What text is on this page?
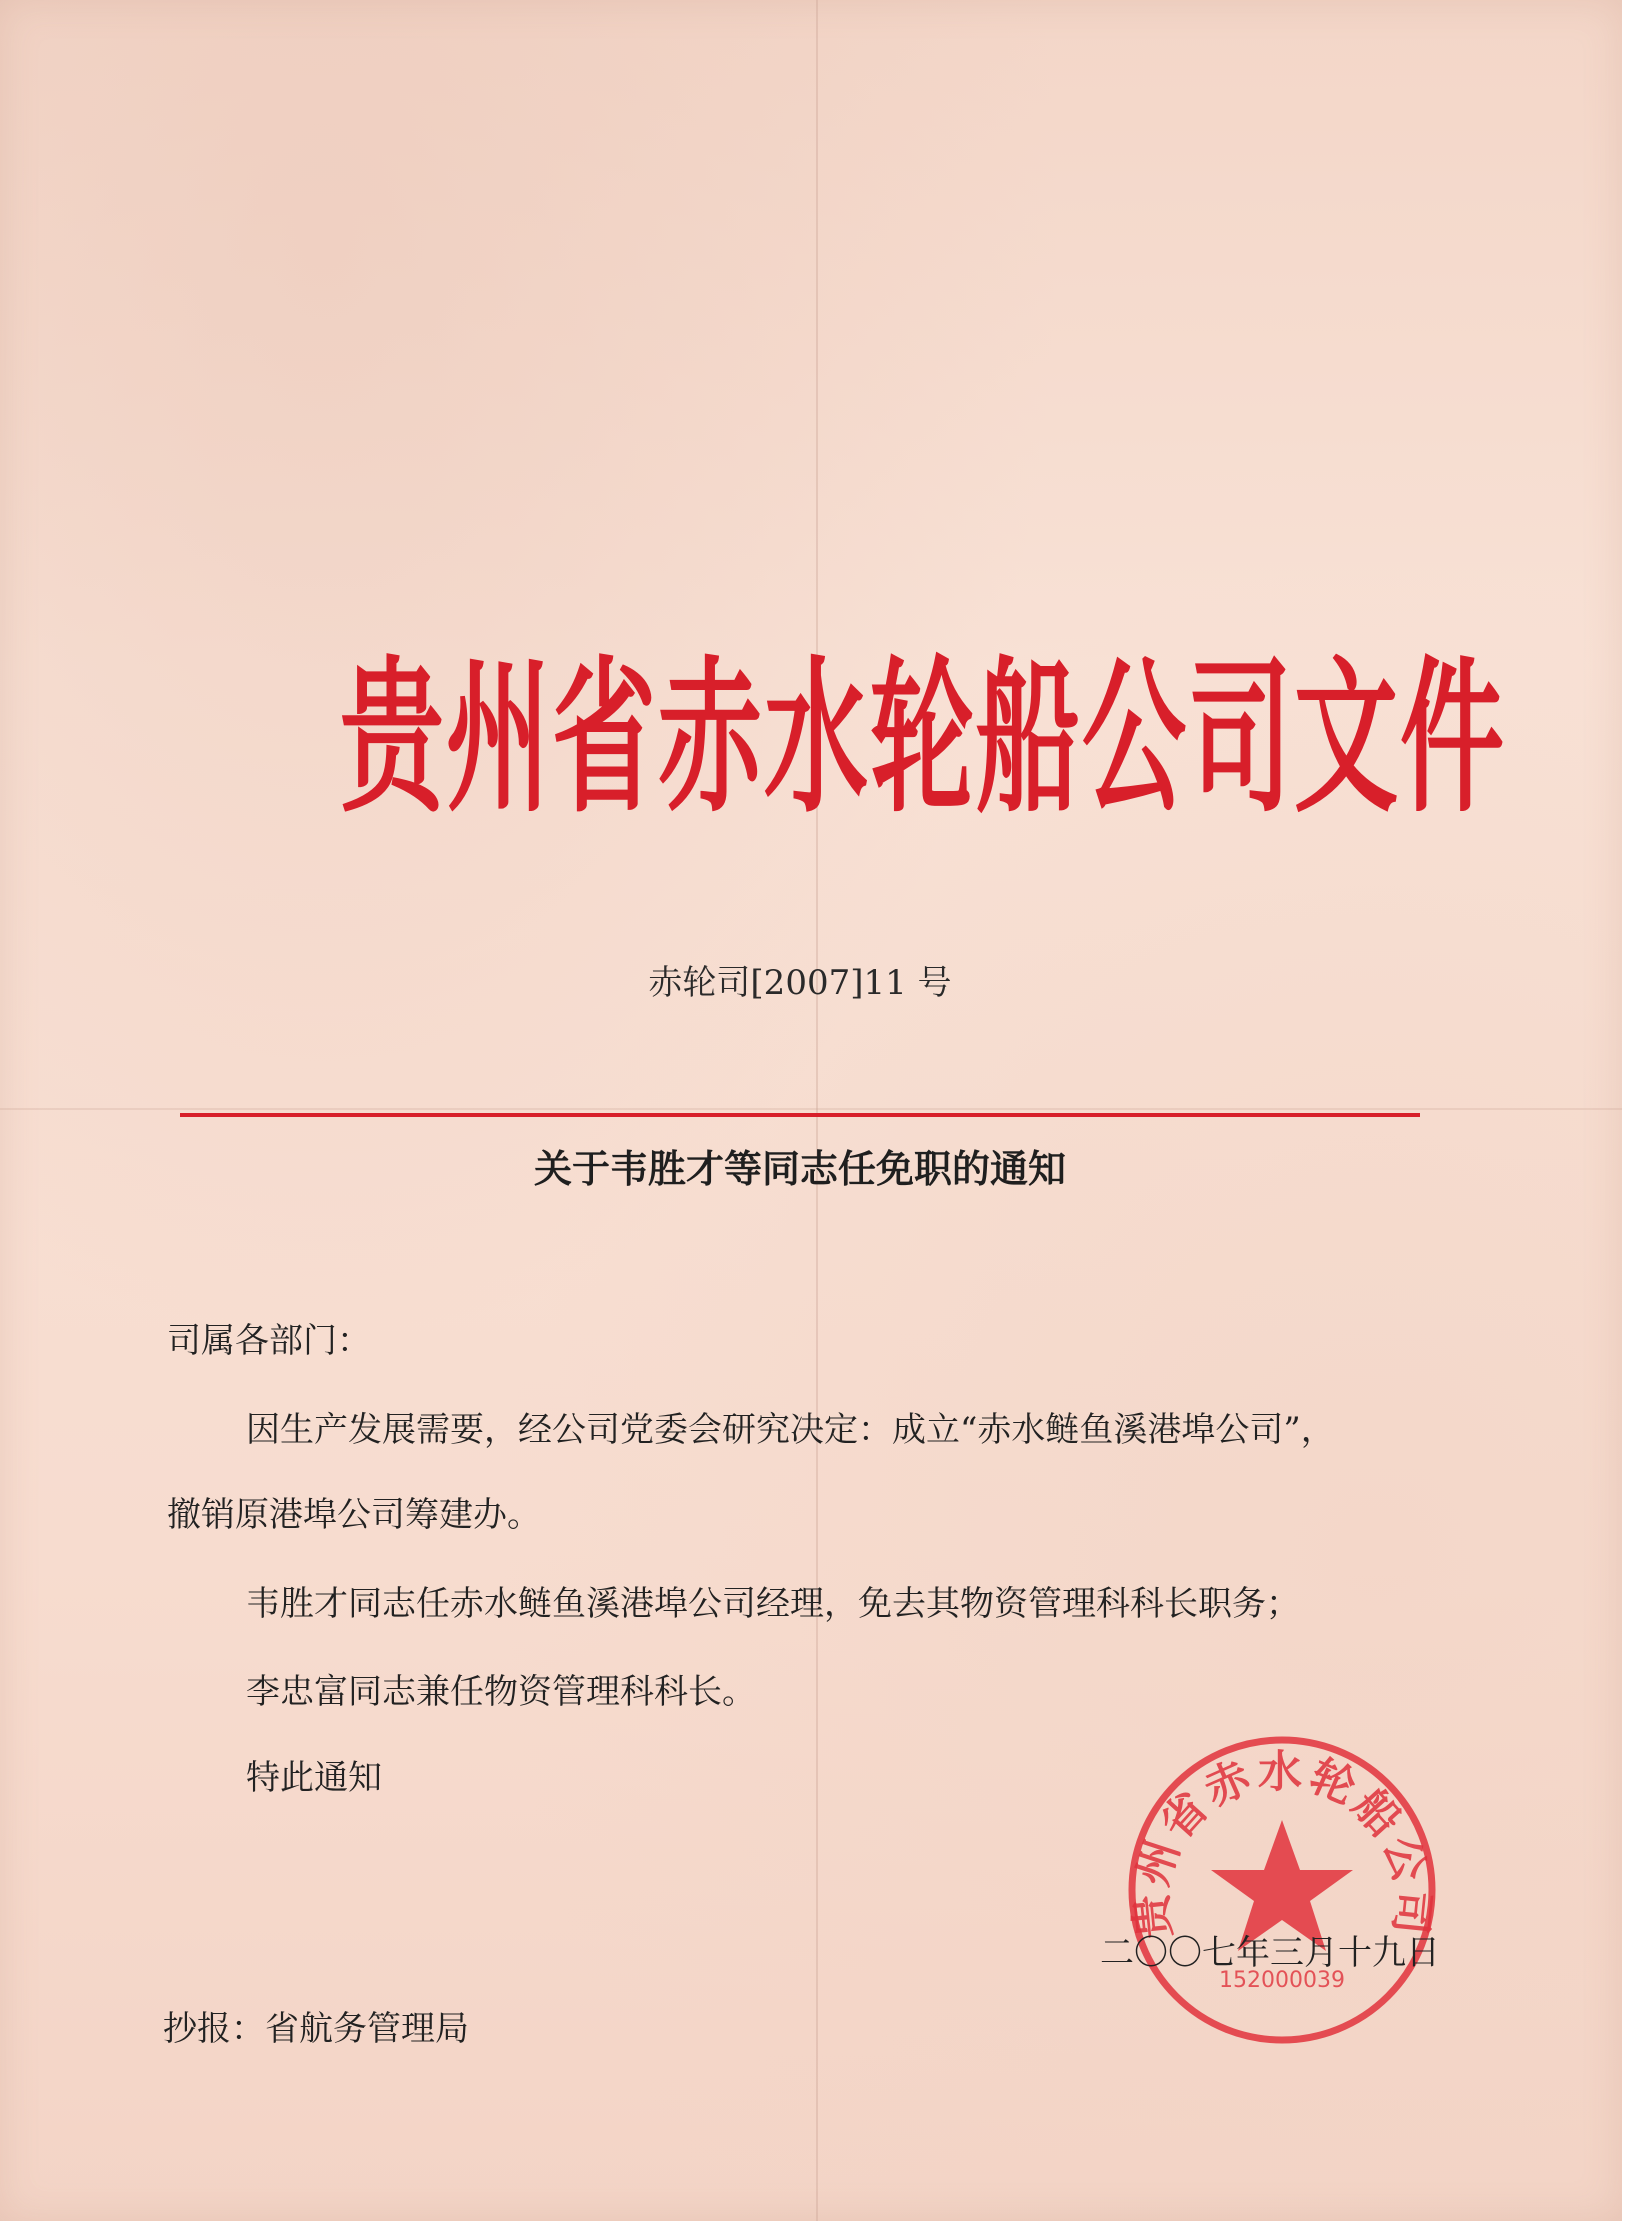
贵州省赤水轮船公司文件
赤轮司[2007]11 号
关于韦胜才等同志任免职的通知
司属各部门：
因生产发展需要，经公司党委会研究决定：成立“赤水鲢鱼溪港埠公司”，
撤销原港埠公司筹建办。
韦胜才同志任赤水鲢鱼溪港埠公司经理，免去其物资管理科科长职务；
李忠富同志兼任物资管理科科长。
特此通知
贵州省赤水轮船公司
152000039
二〇〇七年三月十九日
抄报：省航务管理局
